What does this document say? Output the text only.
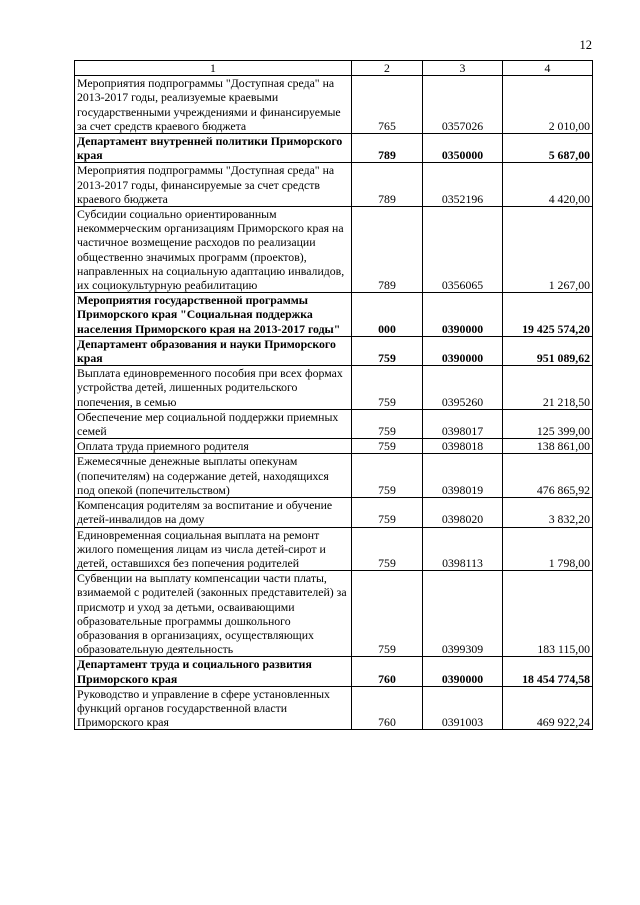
12
1	2	3	4
Мероприятия подпрограммы "Доступная среда" на 2013-2017 годы, реализуемые краевыми государственными учреждениями и финансируемые за счет средств краевого бюджета	765	0357026	2 010,00
Департамент внутренней политики Приморского края	789	0350000	5 687,00
Мероприятия подпрограммы "Доступная среда" на 2013-2017 годы, финансируемые за счет средств краевого бюджета	789	0352196	4 420,00
Субсидии социально ориентированным некоммерческим организациям Приморского края на частичное возмещение расходов по реализации общественно значимых программ (проектов), направленных на социальную адаптацию инвалидов, их социокультурную реабилитацию	789	0356065	1 267,00
Мероприятия государственной программы Приморского края "Социальная поддержка населения Приморского края на 2013-2017 годы"	000	0390000	19 425 574,20
Департамент образования и науки Приморского края	759	0390000	951 089,62
Выплата единовременного пособия при всех формах устройства детей, лишенных родительского попечения, в семью	759	0395260	21 218,50
Обеспечение мер социальной поддержки приемных семей	759	0398017	125 399,00
Оплата труда приемного родителя	759	0398018	138 861,00
Ежемесячные денежные выплаты опекунам (попечителям) на содержание детей, находящихся под опекой (попечительством)	759	0398019	476 865,92
Компенсация родителям за воспитание и обучение детей-инвалидов на дому	759	0398020	3 832,20
Единовременная социальная выплата на ремонт жилого помещения лицам из числа детей-сирот и детей, оставшихся без попечения родителей	759	0398113	1 798,00
Субвенции на выплату компенсации части платы, взимаемой с родителей (законных представителей) за присмотр и уход за детьми, осваивающими образовательные программы дошкольного образования в организациях, осуществляющих образовательную деятельность	759	0399309	183 115,00
Департамент труда и социального развития Приморского края	760	0390000	18 454 774,58
Руководство и управление в сфере установленных функций органов государственной власти Приморского края	760	0391003	469 922,24
